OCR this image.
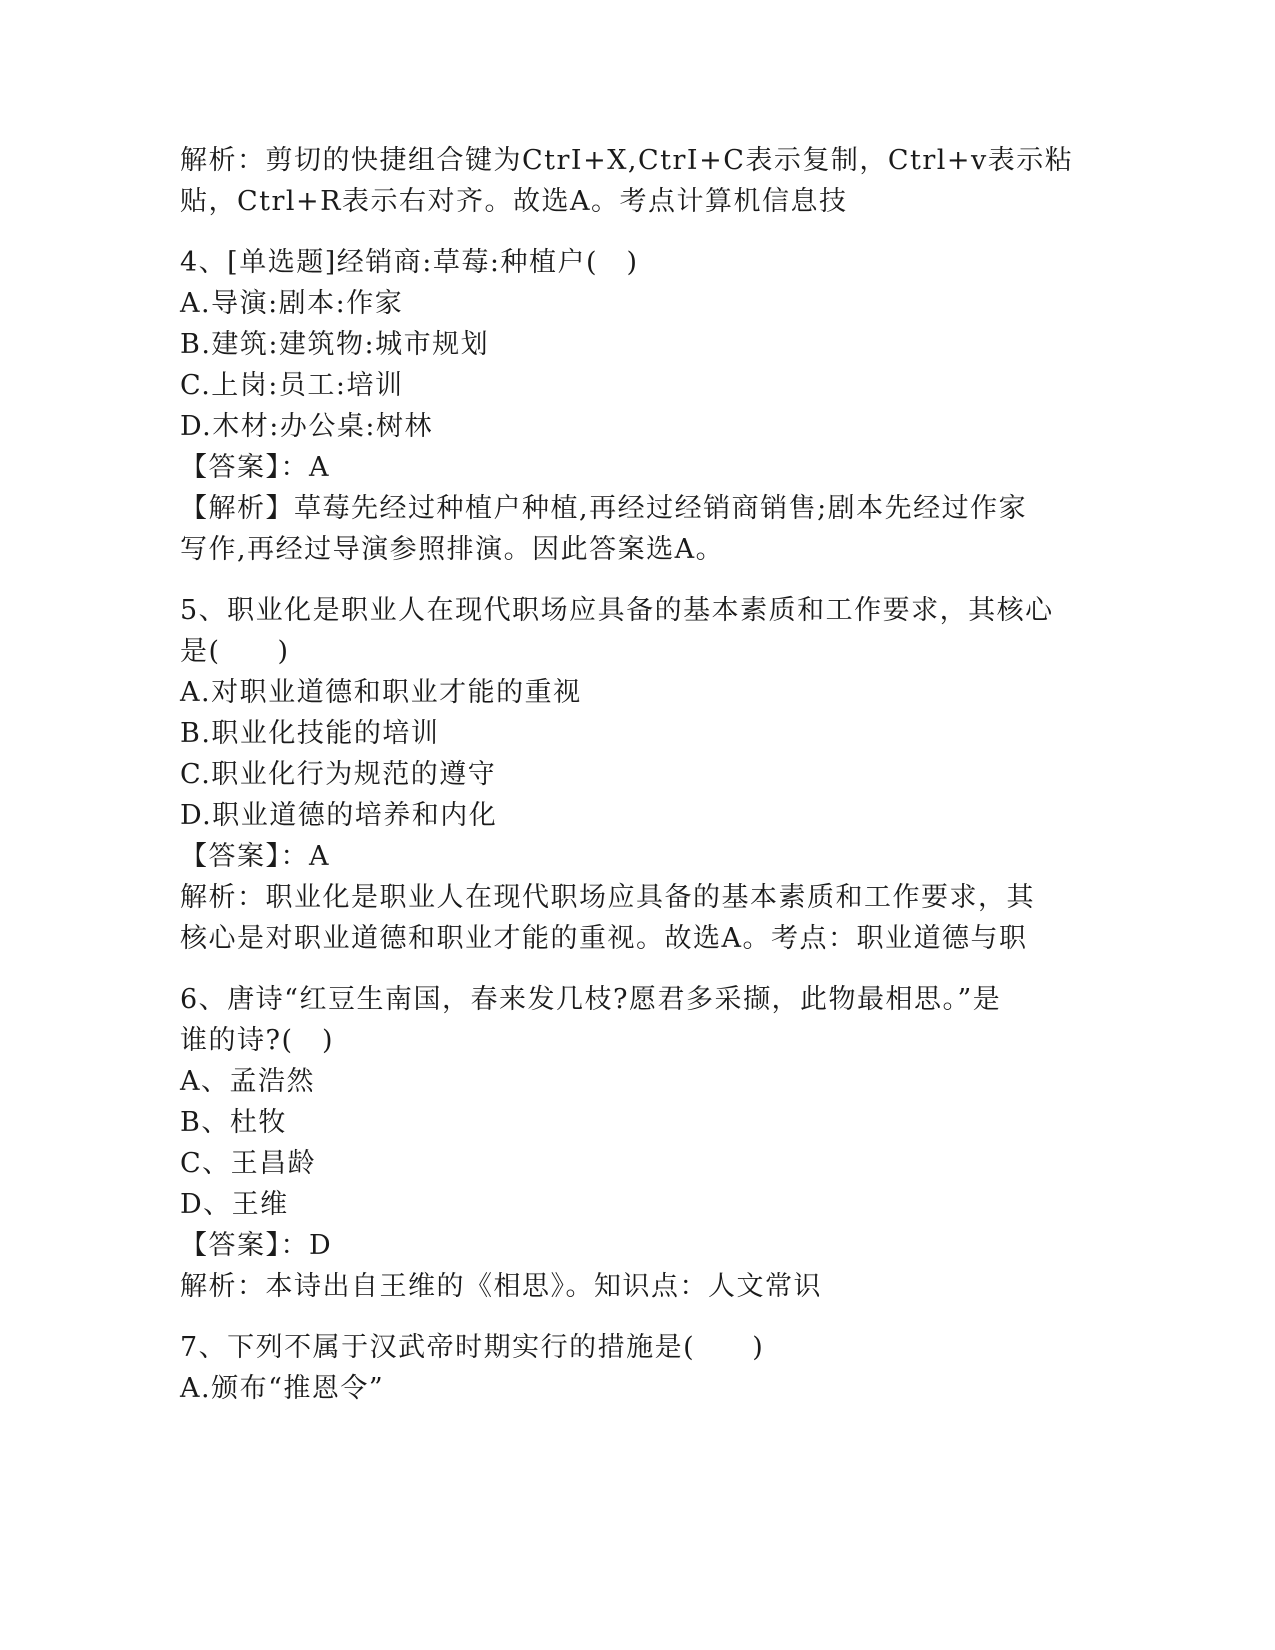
解析：剪切的快捷组合键为CtrI+X,CtrI+C表示复制，Ctrl+v表示粘
贴，Ctrl+R表示右对齐。故选A。考点计算机信息技
4、[单选题]经销商:草莓:种植户(　)
A.导演:剧本:作家
B.建筑:建筑物:城市规划
C.上岗:员工:培训
D.木材:办公桌:树林
【答案】：A
【解析】草莓先经过种植户种植,再经过经销商销售;剧本先经过作家
写作,再经过导演参照排演。因此答案选A。
5、职业化是职业人在现代职场应具备的基本素质和工作要求，其核心
是(　　)
A.对职业道德和职业才能的重视
B.职业化技能的培训
C.职业化行为规范的遵守
D.职业道德的培养和内化
【答案】：A
解析：职业化是职业人在现代职场应具备的基本素质和工作要求，其
核心是对职业道德和职业才能的重视。故选A。考点：职业道德与职
6、唐诗“红豆生南国，春来发几枝?愿君多采撷，此物最相思。”是
谁的诗?(　)
A、孟浩然
B、杜牧
C、王昌龄
D、王维
【答案】：D
解析：本诗出自王维的《相思》。知识点：人文常识
7、下列不属于汉武帝时期实行的措施是(　　)
A.颁布“推恩令”
